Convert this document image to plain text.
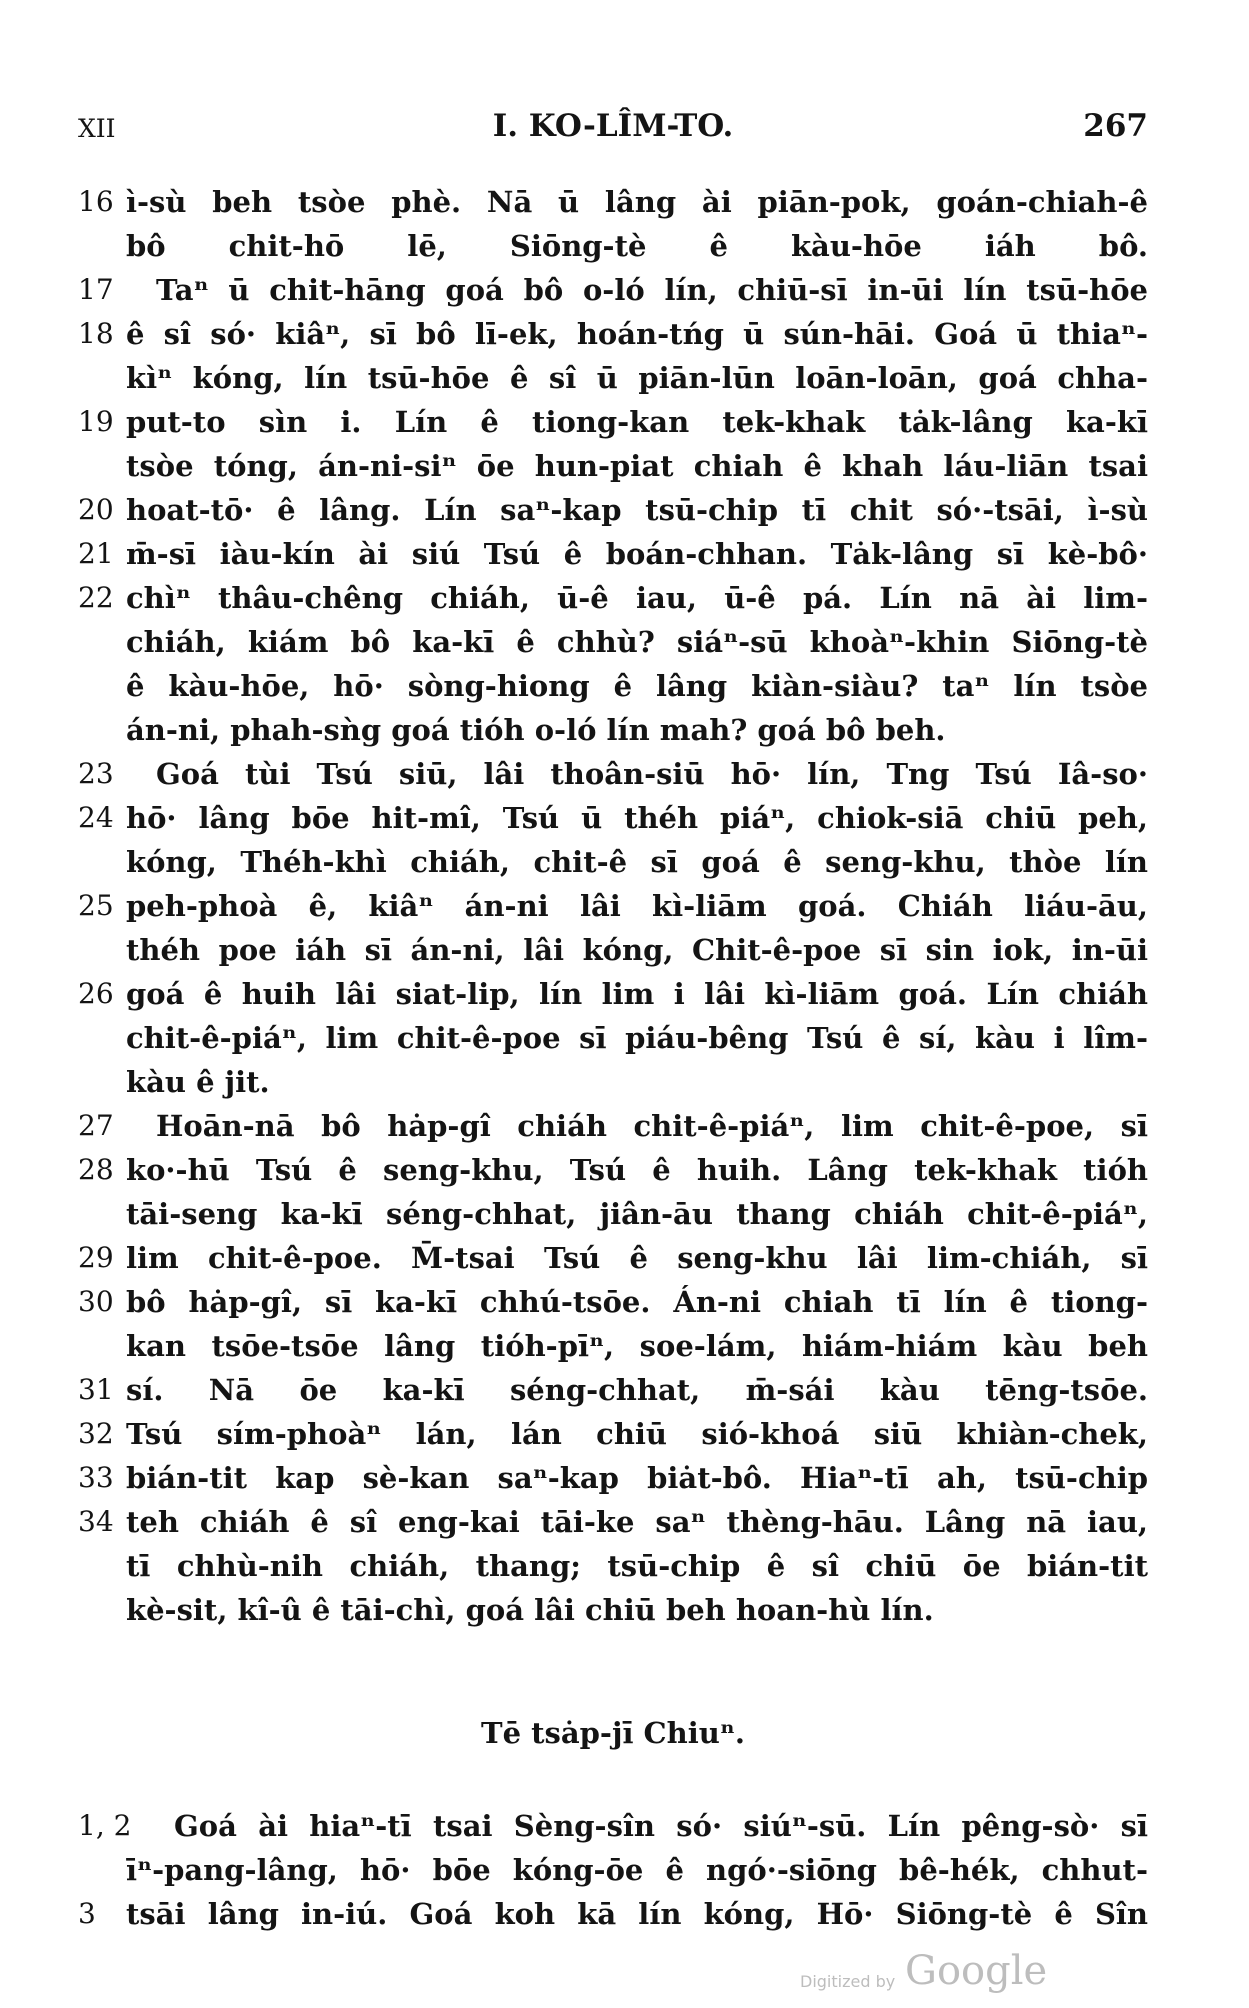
XII	I. KO-LÎM-TO.	267
16 ì-sù beh tsòe phè. Nā ū lâng ài piān-pok, goán-chiah-ê
bô chit-hō lē, Siōng-tè ê kàu-hōe iáh bô.
17 Taⁿ ū chit-hāng goá bô o-ló lín, chiū-sī in-ūi lín tsū-hōe
18 ê sî só· kiâⁿ, sī bô lī-ek, hoán-tńg ū sún-hāi. Goá ū thiaⁿ-
kìⁿ kóng, lín tsū-hōe ê sî ū piān-lūn loān-loān, goá chha-
19 put-to sìn i. Lín ê tiong-kan tek-khak tȧk-lâng ka-kī
tsòe tóng, án-ni-siⁿ ōe hun-piat chiah ê khah láu-liān tsai
20 hoat-tō· ê lâng. Lín saⁿ-kap tsū-chip tī chit só·-tsāi, ì-sù
21 m̄-sī iàu-kín ài siú Tsú ê boán-chhan. Tȧk-lâng sī kè-bô·
22 chìⁿ thâu-chêng chiáh, ū-ê iau, ū-ê pá. Lín nā ài lim-
chiáh, kiám bô ka-kī ê chhù? siáⁿ-sū khoàⁿ-khin Siōng-tè
ê kàu-hōe, hō· sòng-hiong ê lâng kiàn-siàu? taⁿ lín tsòe
án-ni, phah-sǹg goá tióh o-ló lín mah? goá bô beh.
23 Goá tùi Tsú siū, lâi thoân-siū hō· lín, Tng Tsú Iâ-so·
24 hō· lâng bōe hit-mî, Tsú ū théh piáⁿ, chiok-siā chiū peh,
kóng, Théh-khì chiáh, chit-ê sī goá ê seng-khu, thòe lín
25 peh-phoà ê, kiâⁿ án-ni lâi kì-liām goá. Chiáh liáu-āu,
théh poe iáh sī án-ni, lâi kóng, Chit-ê-poe sī sin iok, in-ūi
26 goá ê huih lâi siat-lip, lín lim i lâi kì-liām goá. Lín chiáh
chit-ê-piáⁿ, lim chit-ê-poe sī piáu-bêng Tsú ê sí, kàu i lîm-
kàu ê jit.
27 Hoān-nā bô hȧp-gî chiáh chit-ê-piáⁿ, lim chit-ê-poe, sī
28 ko·-hū Tsú ê seng-khu, Tsú ê huih. Lâng tek-khak tióh
tāi-seng ka-kī séng-chhat, jiân-āu thang chiáh chit-ê-piáⁿ,
29 lim chit-ê-poe. M̄-tsai Tsú ê seng-khu lâi lim-chiáh, sī
30 bô hȧp-gî, sī ka-kī chhú-tsōe. Án-ni chiah tī lín ê tiong-
kan tsōe-tsōe lâng tióh-pīⁿ, soe-lám, hiám-hiám kàu beh
31 sí. Nā ōe ka-kī séng-chhat, m̄-sái kàu tēng-tsōe.
32 Tsú sím-phoàⁿ lán, lán chiū sió-khoá siū khiàn-chek,
33 bián-tit kap sè-kan saⁿ-kap biȧt-bô. Hiaⁿ-tī ah, tsū-chip
34 teh chiáh ê sî eng-kai tāi-ke saⁿ thèng-hāu. Lâng nā iau,
tī chhù-nih chiáh, thang; tsū-chip ê sî chiū ōe bián-tit
kè-sit, kî-û ê tāi-chì, goá lâi chiū beh hoan-hù lín.
Tē tsȧp-jī Chiuⁿ.
1, 2 Goá ài hiaⁿ-tī tsai Sèng-sîn só· siúⁿ-sū. Lín pêng-sò· sī
īⁿ-pang-lâng, hō· bōe kóng-ōe ê ngó·-siōng bê-hék, chhut-
3	tsāi lâng in-iú. Goá koh kā lín kóng, Hō· Siōng-tè ê Sîn
Digitized by Google
